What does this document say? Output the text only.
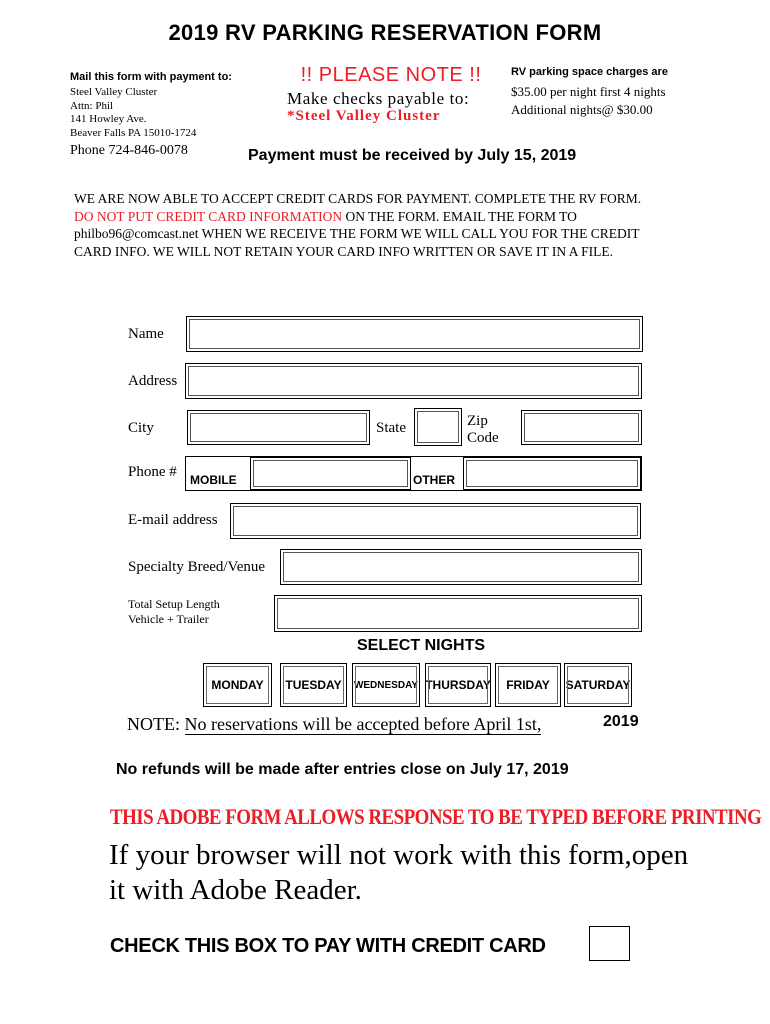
2019 RV PARKING RESERVATION FORM
Mail this form with payment to:
Steel Valley Cluster
Attn: Phil
141 Howley Ave.
Beaver Falls PA 15010-1724
Phone 724-846-0078
!! PLEASE NOTE !!
Make checks payable to:
*Steel Valley Cluster
RV parking space charges are
$35.00 per night first 4 nights
Additional nights@ $30.00
Payment must be received by July 15, 2019
WE ARE NOW ABLE TO ACCEPT CREDIT CARDS FOR PAYMENT. COMPLETE THE RV FORM.
DO NOT PUT CREDIT CARD INFORMATION ON THE FORM. EMAIL THE FORM TO
philbo96@comcast.net WHEN WE RECEIVE THE FORM WE WILL CALL YOU FOR THE CREDIT
CARD INFO. WE WILL NOT RETAIN YOUR CARD INFO WRITTEN OR SAVE IT IN A FILE.
Name
Address
City	State	Zip
Code
Phone # MOBILE	OTHER
E-mail address
Specialty Breed/Venue
Total Setup Length
Vehicle + Trailer
SELECT NIGHTS
MONDAY	TUESDAY	WEDNESDAY THURSDAY	FRIDAY	SATURDAY
NOTE: No reservations will be accepted before April 1st,	2019
No refunds will be made after entries close on July 17, 2019
THIS ADOBE FORM ALLOWS RESPONSE TO BE TYPED BEFORE PRINTING
If your browser will not work with this form,open
it with Adobe Reader.
CHECK THIS BOX TO PAY WITH CREDIT CARD
